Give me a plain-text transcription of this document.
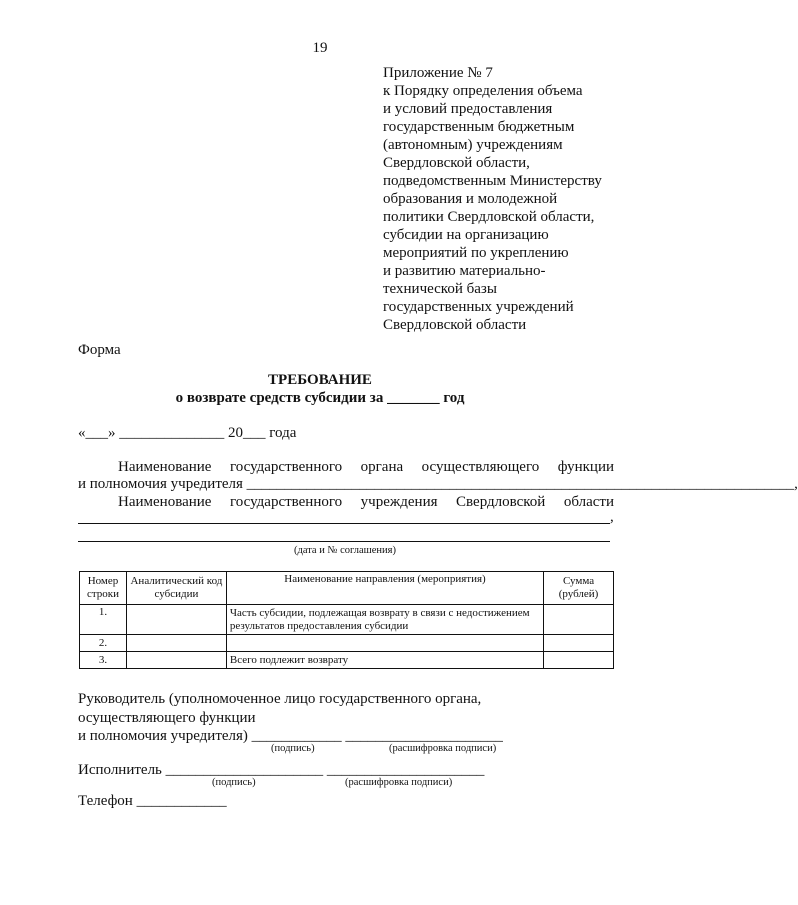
19
Приложение № 7
к Порядку определения объема
и условий предоставления
государственным бюджетным
(автономным) учреждениям
Свердловской области,
подведомственным Министерству
образования и молодежной
политики Свердловской области,
субсидии на организацию
мероприятий по укреплению
и развитию материально-
технической базы
государственных учреждений
Свердловской области
Форма
ТРЕБОВАНИЕ
о возврате средств субсидии за _______ год
«___» ______________ 20___ года
Наименование государственного органа осуществляющего функции
и полномочия учредителя _________________________________________________________________________,
Наименование государственного учреждения Свердловской области
,
(дата и № соглашения)
Номер строки	Аналитический код субсидии	Наименование направления (мероприятия)	Сумма (рублей)
1.		Часть субсидии, подлежащая возврату в связи с недостижением результатов предоставления субсидии	
2.			
3.		Всего подлежит возврату	
Руководитель (уполномоченное лицо государственного органа,
осуществляющего функции
и полномочия учредителя) ____________ _____________________
(подпись)	(расшифровка подписи)
Исполнитель _____________________ _____________________
(подпись)	(расшифровка подписи)
Телефон ____________
